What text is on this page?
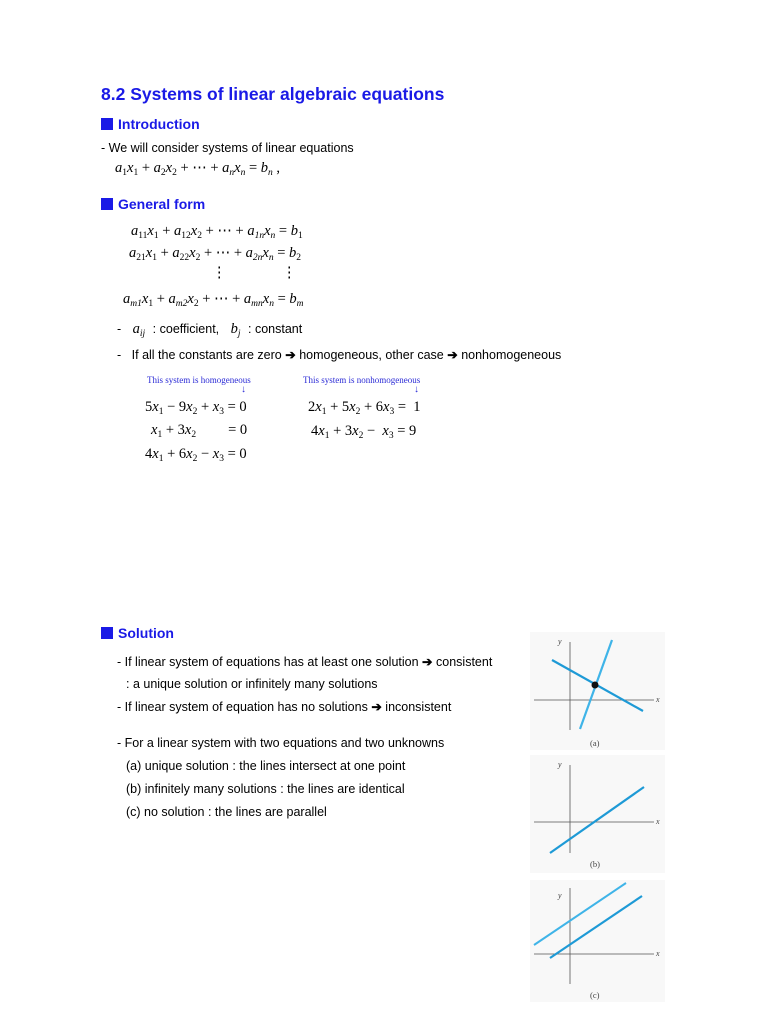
8.2 Systems of linear algebraic equations
Introduction
- We will consider systems of linear equations
$a_1x_1 + a_2x_2$ + ⋯ + $a_nx_n = b_n$ ,
General form
$a_{11}x_1 + a_{12}x_2$ + ⋯ + $a_{1n}x_n = b_1$
$a_{21}x_1 + a_{22}x_2$ + ⋯ + $a_{2n}x_n = b_2$
⋮	⋮
$a_{m1}x_1 + a_{m2}x_2$ + ⋯ + $a_{mn}x_n = b_m$
- $a_{ij}$ : coefficient, $b_j$ : constant
- If all the constants are zero ➔ homogeneous, other case ➔ nonhomogeneous
This system is homogeneous
↓
This system is nonhomogeneous
↓
$5x_1 - 9x_2 + x_3 = 0$
$x_1 + 3x_2 = 0$
$4x_1 + 6x_2 - x_3 = 0$
$2x_1 + 5x_2 + 6x_3 = 1$
$4x_1 + 3x_2 - x_3 = 9$
Solution
- If linear system of equations has at least one solution ➔ consistent
: a unique solution or infinitely many solutions
- If linear system of equation has no solutions ➔ inconsistent
- For a linear system with two equations and two unknowns
(a) unique solution : the lines intersect at one point
(b) infinitely many solutions : the lines are identical
(c) no solution : the lines are parallel
y
x
(a)
y
x
(b)
y
x
(c)
